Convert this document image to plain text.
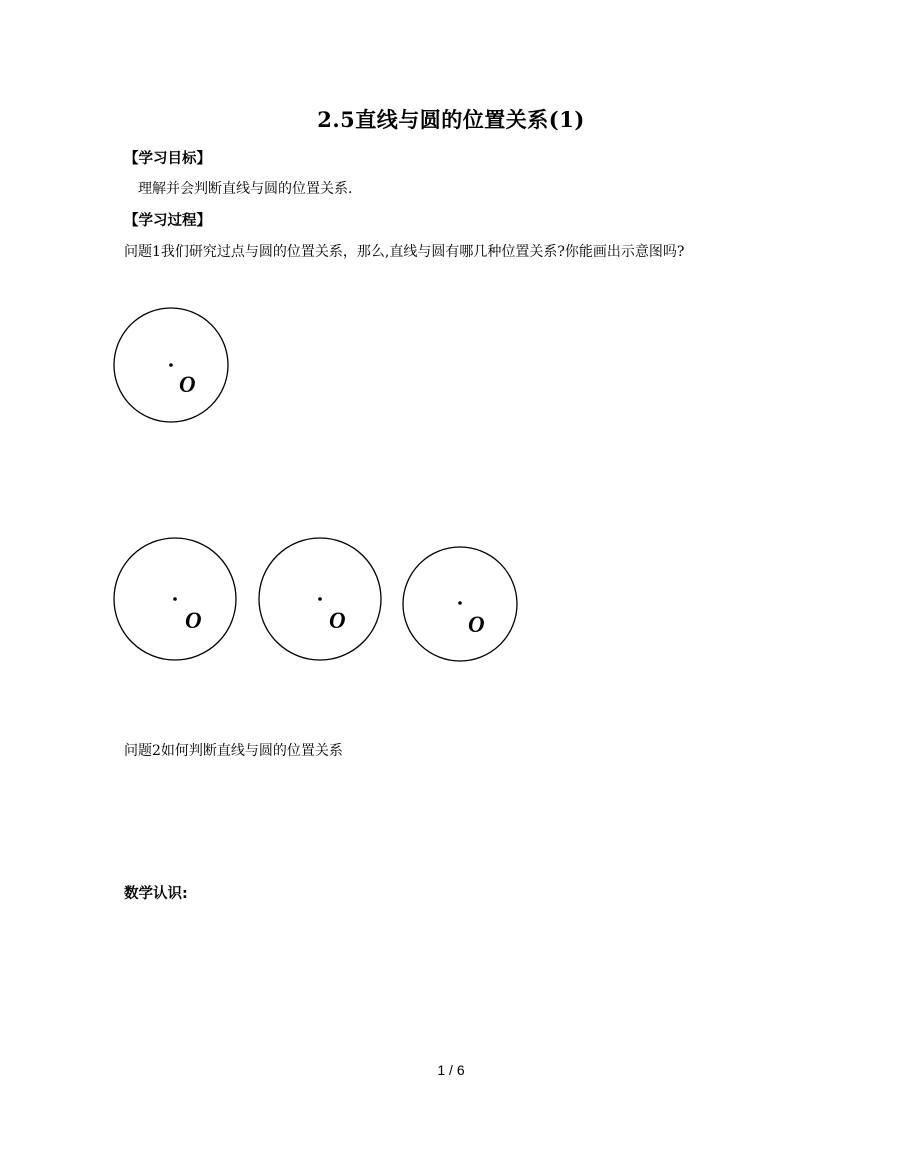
2.5直线与圆的位置关系(1)
【学习目标】
理解并会判断直线与圆的位置关系.
【学习过程】
问题1我们研究过点与圆的位置关系，那么,直线与圆有哪几种位置关系?你能画出示意图吗?
O
O	O	O
问题2如何判断直线与圆的位置关系
数学认识:
1 / 6
